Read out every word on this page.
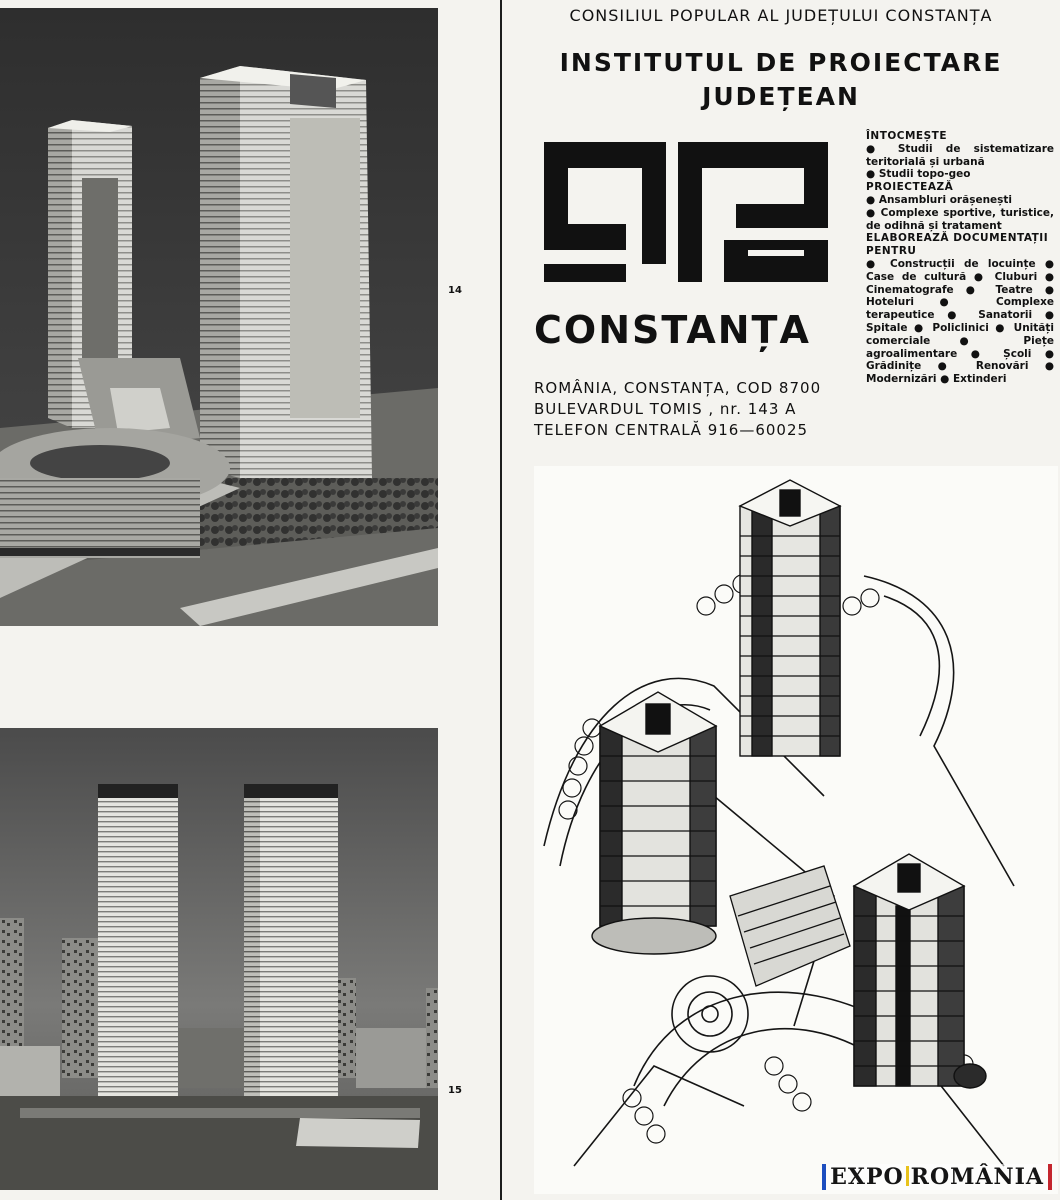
14
15
CONSILIUL POPULAR AL JUDEȚULUI CONSTANȚA
INSTITUTUL DE PROIECTARE
JUDEȚEAN
CONSTANȚA
ROMÂNIA, CONSTANȚA, COD 8700
BULEVARDUL TOMIS , nr. 143 A
TELEFON CENTRALĂ 916—60025
ÎNTOCMEȘTE
● Studii de sistematizare teritorială și urbană
● Studii topo-geo
PROIECTEAZĂ
● Ansambluri orășenești
● Complexe sportive, turistice, de odihnă și tratament
ELABOREAZĂ DOCUMENTAȚII PENTRU
● Construcții de locuințe ● Case de cultură ● Cluburi ● Cinematografe ● Teatre ● Hoteluri ● Complexe terapeutice ● Sanatorii ● Spitale ● Policlinici ● Unități comerciale ● Piețe agroalimentare ● Școli ● Grădinițe ● Renovări ● Modernizări ● Extinderi
EXPO ROMÂNIA
